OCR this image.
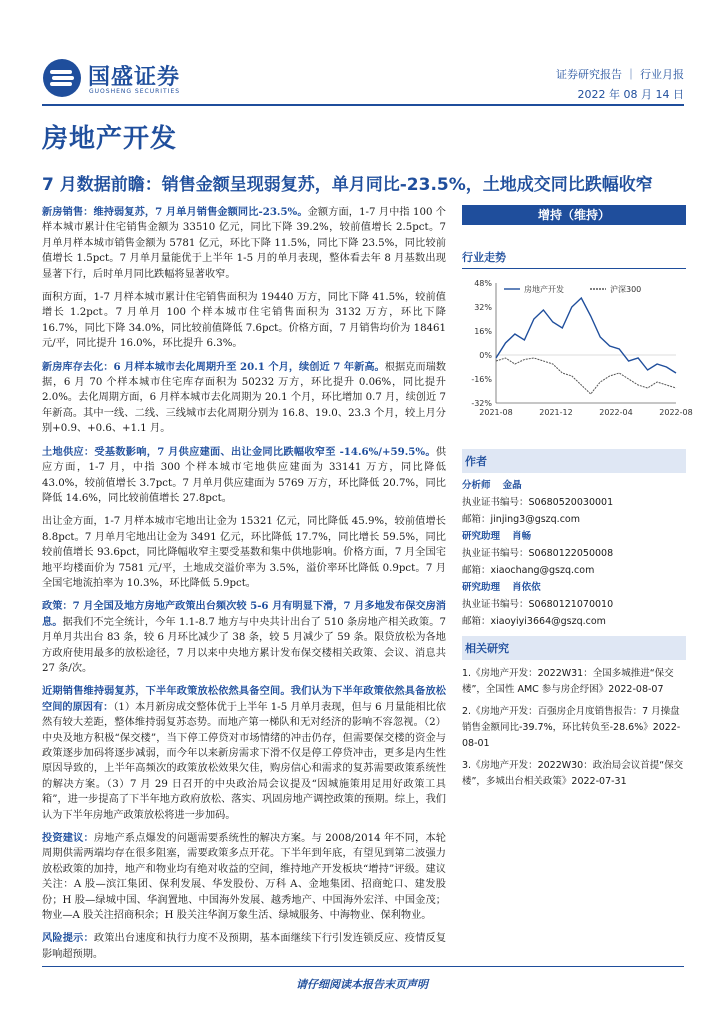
国盛证券
GUOSHENG SECURITIES
证券研究报告 ｜ 行业月报
2022 年 08 月 14 日
房地产开发
7 月数据前瞻：销售金额呈现弱复苏，单月同比-23.5%，土地成交同比跌幅收窄

新房销售：维持弱复苏，7 月单月销售金额同比-23.5%。金额方面，1-7 月中指 100 个样本城市累计住宅销售金额为 33510 亿元，同比下降 39.2%，较前值增长 2.5pct。7 月单月样本城市销售金额为 5781 亿元，环比下降 11.5%，同比下降 23.5%，同比较前值增长 1.5pct。7 月单月量能优于上半年 1-5 月的单月表现，整体看去年 8 月基数出现显著下行，后时单月同比跌幅将显著收窄。

面积方面，1-7 月样本城市累计住宅销售面积为 19440 万方，同比下降 41.5%，较前值增长 1.2pct。7 月单月 100 个样本城市住宅销售面积为 3132 万方，环比下降 16.7%，同比下降 34.0%，同比较前值降低 7.6pct。价格方面，7 月销售均价为 18461 元/平，同比提升 16.0%，环比提升 6.3%。

新房库存去化：6 月样本城市去化周期升至 20.1 个月，续创近 7 年新高。根据克而瑞数据，6 月 70 个样本城市住宅库存面积为 50232 万方，环比提升 0.06%，同比提升 2.0%。去化周期方面，6 月样本城市去化周期为 20.1 个月，环比增加 0.7 月，续创近 7 年新高。其中一线、二线、三线城市去化周期分别为 16.8、19.0、23.3 个月，较上月分别+0.9、+0.6、+1.1 月。

土地供应：受基数影响，7 月供应建面、出让金同比跌幅收窄至 -14.6%/+59.5%。供应方面，1-7 月，中指 300 个样本城市宅地供应建面为 33141 万方，同比降低 43.0%，较前值增长 3.7pct。7 月单月供应建面为 5769 万方，环比降低 20.7%，同比降低 14.6%，同比较前值增长 27.8pct。

出让金方面，1-7 月样本城市宅地出让金为 15321 亿元，同比降低 45.9%，较前值增长 8.8pct。7 月单月宅地出让金为 3491 亿元，环比降低 17.7%，同比增长 59.5%，同比较前值增长 93.6pct，同比降幅收窄主要受基数和集中供地影响。价格方面，7 月全国宅地平均楼面价为 7581 元/平，土地成交溢价率为 3.5%，溢价率环比降低 0.9pct。7 月全国宅地流拍率为 10.3%，环比降低 5.9pct。

政策：7 月全国及地方房地产政策出台频次较 5-6 月有明显下滑，7 月多地发布保交房消息。据我们不完全统计，今年 1.1-8.7 地方与中央共计出台了 510 条房地产相关政策。7 月单月共出台 83 条，较 6 月环比减少了 38 条，较 5 月减少了 59 条。限贷放松为各地方政府使用最多的放松途径，7 月以来中央地方累计发布保交楼相关政策、会议、消息共 27 条/次。

近期销售维持弱复苏，下半年政策放松依然具备空间。我们认为下半年政策依然具备放松空间的原因有：（1）本月新房成交整体优于上半年 1-5 月单月表现，但与 6 月量能相比依然有较大差距，整体维持弱复苏态势。而地产第一梯队和无对经济的影响不容忽视。（2）中央及地方积极“保交楼”，当下停工停贷对市场情绪的冲击仍存，但需要保交楼的资金与政策逐步加码将逐步减弱，而今年以来新房需求下滑不仅是停工停贷冲击，更多是内生性原因导致的，上半年高频次的政策放松效果欠佳，购房信心和需求的复苏需要政策系统性的解决方案。（3）7 月 29 日召开的中央政治局会议提及“因城施策用足用好政策工具箱”，进一步提高了下半年地方政府放松、落实、巩固房地产调控政策的预期。综上，我们认为下半年房地产政策放松将进一步加码。

投资建议：房地产系点爆发的问题需要系统性的解决方案。与 2008/2014 年不同，本轮周期供需两端均存在很多阻塞，需要政策多点开花。下半年到年底，有望见到第二波强力放松政策的加持，地产和物业均有绝对收益的空间，维持地产开发板块“增持”评级。建议关注：A 股—滨江集团、保利发展、华发股份、万科 A、金地集团、招商蛇口、建发股份；H 股—绿城中国、华润置地、中国海外发展、越秀地产、中国海外宏洋、中国金茂；物业—A 股关注招商积余；H 股关注华润万象生活、绿城服务、中海物业、保利物业。

风险提示：政策出台速度和执行力度不及预期，基本面继续下行引发连锁反应、疫情反复影响超预期。

增持（维持）
行业走势
48%
32%
16%
0%
-16%
-32%
2021-08	2021-12	2022-04	2022-08
房地产开发	沪深300
作者
分析师 金晶
执业证书编号：S0680520030001
邮箱：jinjing3@gszq.com
研究助理 肖畅
执业证书编号：S0680122050008
邮箱：xiaochang@gszq.com
研究助理 肖依依
执业证书编号：S0680121070010
邮箱：xiaoyiyi3664@gszq.com
相关研究
1.《房地产开发：2022W31：全国多城推进“保交楼”，全国性 AMC 参与房企纾困》2022-08-07
2.《房地产开发：百强房企月度销售报告：7 月操盘销售金额同比-39.7%，环比转负至-28.6%》2022-08-01
3.《房地产开发：2022W30：政治局会议首提“保交楼”，多城出台相关政策》2022-07-31
请仔细阅读本报告末页声明
